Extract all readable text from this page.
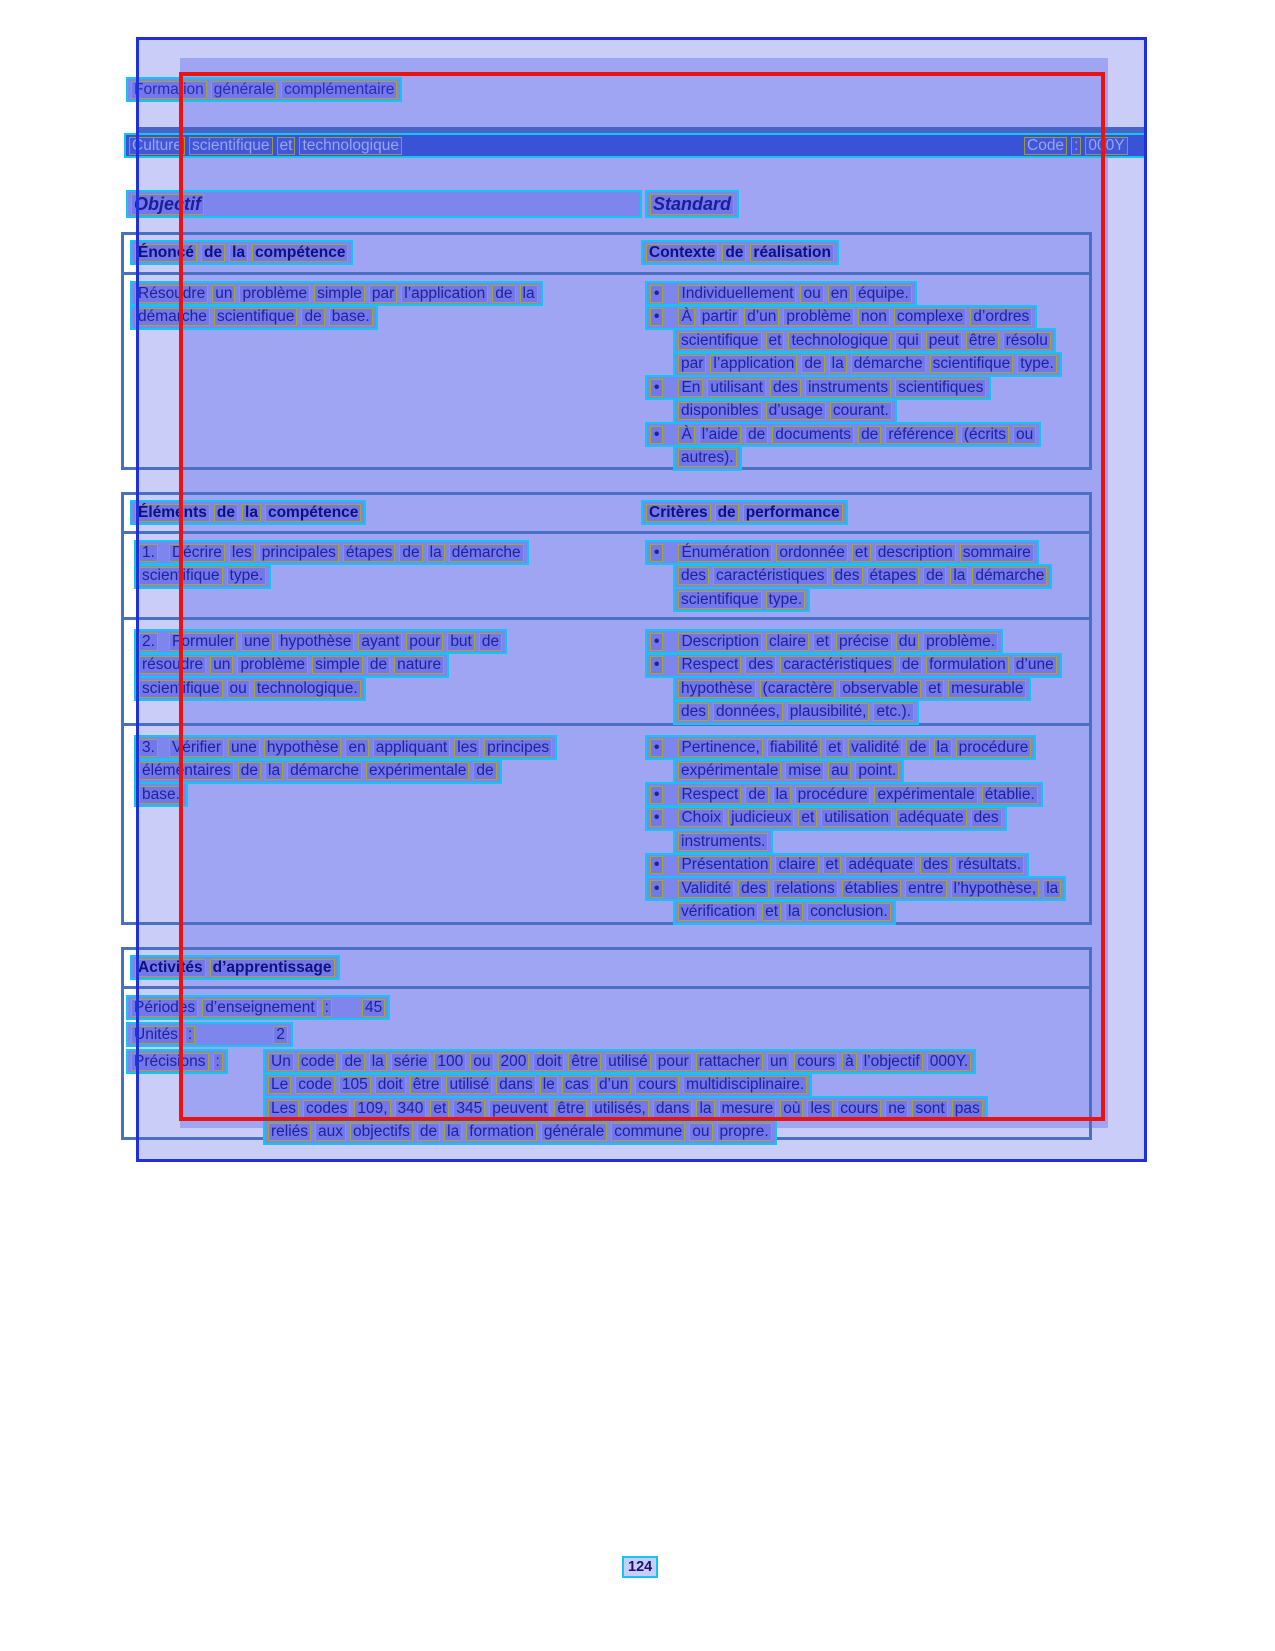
Culture scientifique et technologique	Code : 000Y
Formation générale complémentaire
Objectif	Standard
Énoncé de la compétence	Contexte de réalisation
Résoudre un problème simple par l’application de la
démarche scientifique de base.
• Individuellement ou en équipe.
• À partir d’un problème non complexe d’ordres
scientifique et technologique qui peut être résolu
par l’application de la démarche scientifique type.
• En utilisant des instruments scientifiques
disponibles d’usage courant.
• À l’aide de documents de référence (écrits ou
autres).
Éléments de la compétence	Critères de performance
1. Décrire les principales étapes de la démarche
scientifique type.
• Énumération ordonnée et description sommaire
des caractéristiques des étapes de la démarche
scientifique type.
2. Formuler une hypothèse ayant pour but de
résoudre un problème simple de nature
scientifique ou technologique.
• Description claire et précise du problème.
• Respect des caractéristiques de formulation d’une
hypothèse (caractère observable et mesurable
des données, plausibilité, etc.).
3. Vérifier une hypothèse en appliquant les principes
élémentaires de la démarche expérimentale de
base.
• Pertinence, fiabilité et validité de la procédure
expérimentale mise au point.
• Respect de la procédure expérimentale établie.
• Choix judicieux et utilisation adéquate des
instruments.
• Présentation claire et adéquate des résultats.
• Validité des relations établies entre l’hypothèse, la
vérification et la conclusion.
Activités d’apprentissage
Périodes d’enseignement : 45
Unités :	2
Précisions :	Un code de la série 100 ou 200 doit être utilisé pour rattacher un cours à l’objectif 000Y.
Le code 105 doit être utilisé dans le cas d’un cours multidisciplinaire.
Les codes 109, 340 et 345 peuvent être utilisés, dans la mesure où les cours ne sont pas
reliés aux objectifs de la formation générale commune ou propre.
124
